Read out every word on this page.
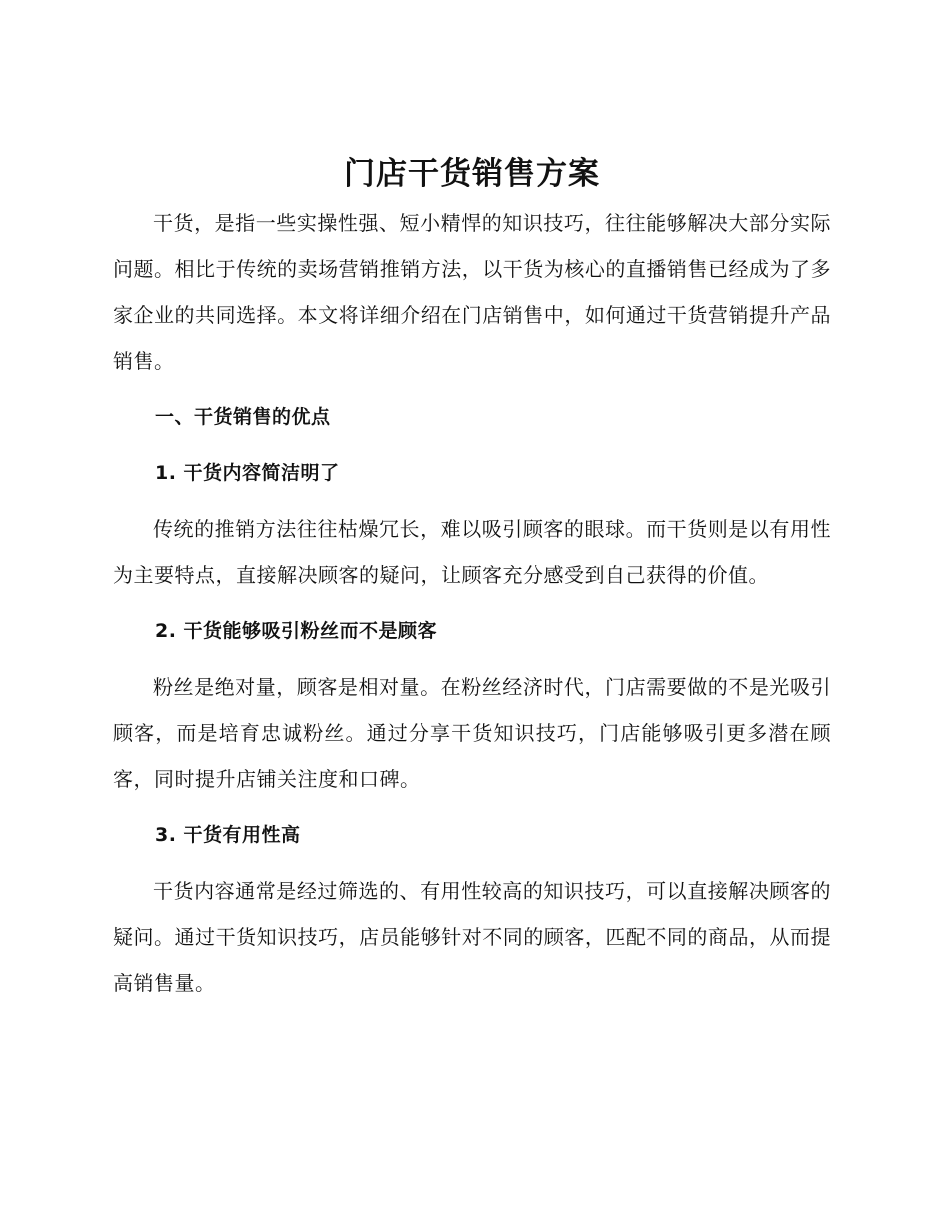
门店干货销售方案

干货，是指一些实操性强、短小精悍的知识技巧，往往能够解决大部分实际问题。相比于传统的卖场营销推销方法，以干货为核心的直播销售已经成为了多家企业的共同选择。本文将详细介绍在门店销售中，如何通过干货营销提升产品销售。

一、干货销售的优点
1. 干货内容简洁明了

传统的推销方法往往枯燥冗长，难以吸引顾客的眼球。而干货则是以有用性为主要特点，直接解决顾客的疑问，让顾客充分感受到自己获得的价值。

2. 干货能够吸引粉丝而不是顾客

粉丝是绝对量，顾客是相对量。在粉丝经济时代，门店需要做的不是光吸引顾客，而是培育忠诚粉丝。通过分享干货知识技巧，门店能够吸引更多潜在顾客，同时提升店铺关注度和口碑。

3. 干货有用性高

干货内容通常是经过筛选的、有用性较高的知识技巧，可以直接解决顾客的疑问。通过干货知识技巧，店员能够针对不同的顾客，匹配不同的商品，从而提高销售量。
